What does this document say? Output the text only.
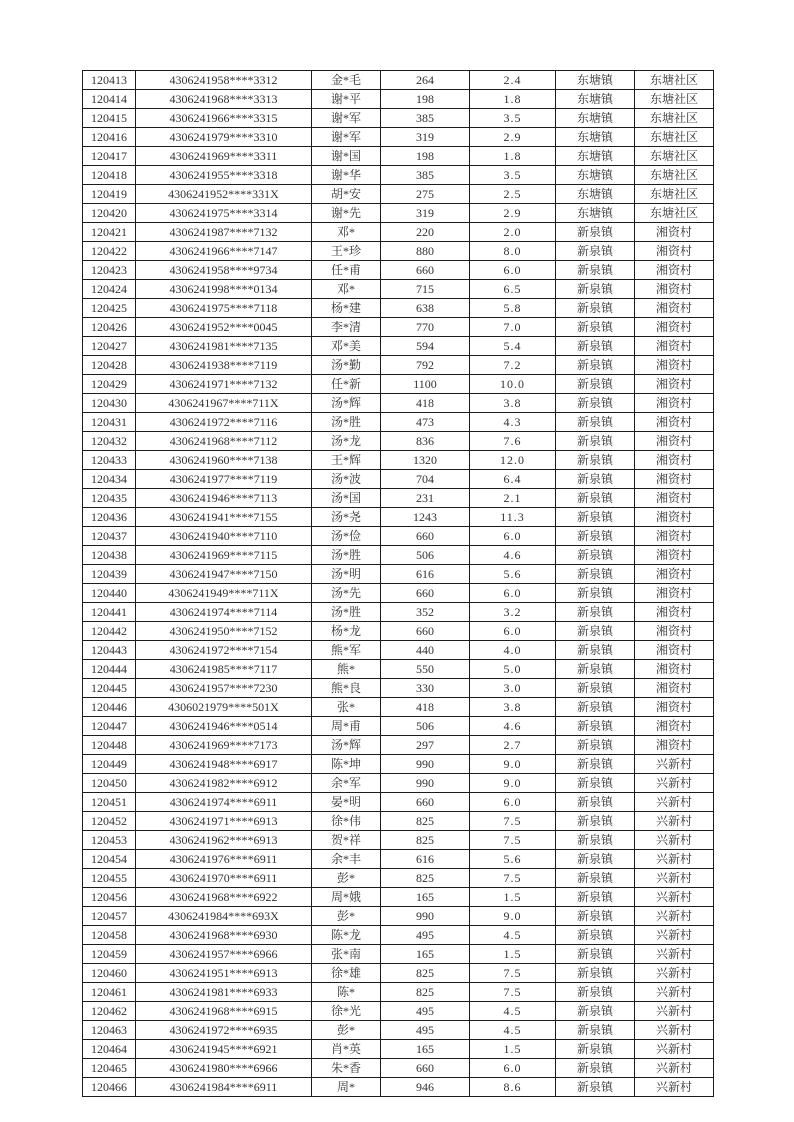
120413	4306241958****3312	金*毛	264	2.4	东塘镇	东塘社区
120414	4306241968****3313	谢*平	198	1.8	东塘镇	东塘社区
120415	4306241966****3315	谢*军	385	3.5	东塘镇	东塘社区
120416	4306241979****3310	谢*军	319	2.9	东塘镇	东塘社区
120417	4306241969****3311	谢*国	198	1.8	东塘镇	东塘社区
120418	4306241955****3318	谢*华	385	3.5	东塘镇	东塘社区
120419	4306241952****331X	胡*安	275	2.5	东塘镇	东塘社区
120420	4306241975****3314	谢*先	319	2.9	东塘镇	东塘社区
120421	4306241987****7132	邓*	220	2.0	新泉镇	湘资村
120422	4306241966****7147	王*珍	880	8.0	新泉镇	湘资村
120423	4306241958****9734	任*甫	660	6.0	新泉镇	湘资村
120424	4306241998****0134	邓*	715	6.5	新泉镇	湘资村
120425	4306241975****7118	杨*建	638	5.8	新泉镇	湘资村
120426	4306241952****0045	李*清	770	7.0	新泉镇	湘资村
120427	4306241981****7135	邓*美	594	5.4	新泉镇	湘资村
120428	4306241938****7119	汤*勤	792	7.2	新泉镇	湘资村
120429	4306241971****7132	任*新	1100	10.0	新泉镇	湘资村
120430	4306241967****711X	汤*辉	418	3.8	新泉镇	湘资村
120431	4306241972****7116	汤*胜	473	4.3	新泉镇	湘资村
120432	4306241968****7112	汤*龙	836	7.6	新泉镇	湘资村
120433	4306241960****7138	王*辉	1320	12.0	新泉镇	湘资村
120434	4306241977****7119	汤*波	704	6.4	新泉镇	湘资村
120435	4306241946****7113	汤*国	231	2.1	新泉镇	湘资村
120436	4306241941****7155	汤*尧	1243	11.3	新泉镇	湘资村
120437	4306241940****7110	汤*俭	660	6.0	新泉镇	湘资村
120438	4306241969****7115	汤*胜	506	4.6	新泉镇	湘资村
120439	4306241947****7150	汤*明	616	5.6	新泉镇	湘资村
120440	4306241949****711X	汤*先	660	6.0	新泉镇	湘资村
120441	4306241974****7114	汤*胜	352	3.2	新泉镇	湘资村
120442	4306241950****7152	杨*龙	660	6.0	新泉镇	湘资村
120443	4306241972****7154	熊*军	440	4.0	新泉镇	湘资村
120444	4306241985****7117	熊*	550	5.0	新泉镇	湘资村
120445	4306241957****7230	熊*良	330	3.0	新泉镇	湘资村
120446	4306021979****501X	张*	418	3.8	新泉镇	湘资村
120447	4306241946****0514	周*甫	506	4.6	新泉镇	湘资村
120448	4306241969****7173	汤*辉	297	2.7	新泉镇	湘资村
120449	4306241948****6917	陈*坤	990	9.0	新泉镇	兴新村
120450	4306241982****6912	余*军	990	9.0	新泉镇	兴新村
120451	4306241974****6911	晏*明	660	6.0	新泉镇	兴新村
120452	4306241971****6913	徐*伟	825	7.5	新泉镇	兴新村
120453	4306241962****6913	贺*祥	825	7.5	新泉镇	兴新村
120454	4306241976****6911	余*丰	616	5.6	新泉镇	兴新村
120455	4306241970****6911	彭*	825	7.5	新泉镇	兴新村
120456	4306241968****6922	周*娥	165	1.5	新泉镇	兴新村
120457	4306241984****693X	彭*	990	9.0	新泉镇	兴新村
120458	4306241968****6930	陈*龙	495	4.5	新泉镇	兴新村
120459	4306241957****6966	张*南	165	1.5	新泉镇	兴新村
120460	4306241951****6913	徐*雄	825	7.5	新泉镇	兴新村
120461	4306241981****6933	陈*	825	7.5	新泉镇	兴新村
120462	4306241968****6915	徐*光	495	4.5	新泉镇	兴新村
120463	4306241972****6935	彭*	495	4.5	新泉镇	兴新村
120464	4306241945****6921	肖*英	165	1.5	新泉镇	兴新村
120465	4306241980****6966	朱*香	660	6.0	新泉镇	兴新村
120466	4306241984****6911	周*	946	8.6	新泉镇	兴新村
